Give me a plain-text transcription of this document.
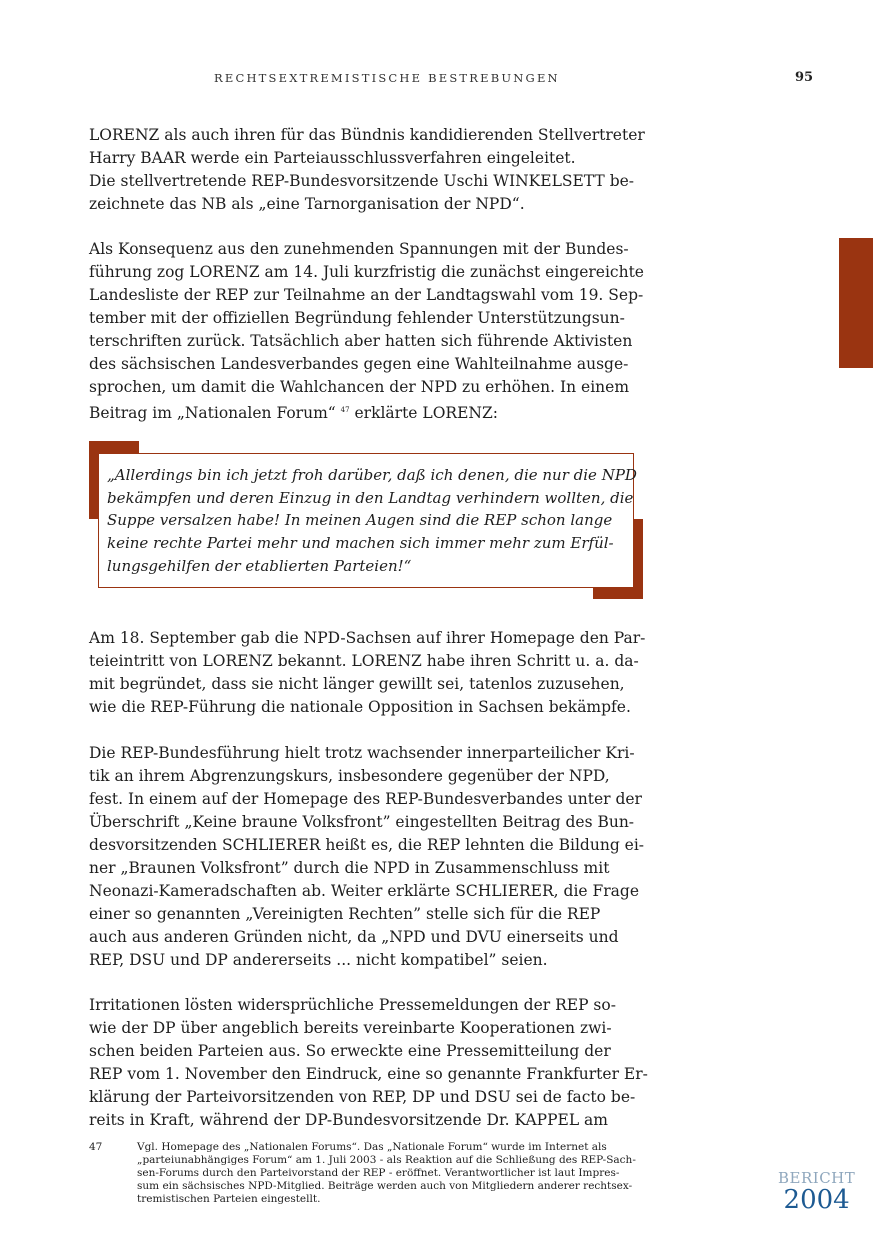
RECHTSEXTREMISTISCHE BESTREBUNGEN	95

LORENZ als auch ihren für das Bündnis kandidierenden Stellvertreter
Harry BAAR werde ein Parteiausschlussverfahren eingeleitet.
Die stellvertretende REP-Bundesvorsitzende Uschi WINKELSETT be-
zeichnete das NB als „eine Tarnorganisation der NPD“.

Als Konsequenz aus den zunehmenden Spannungen mit der Bundes-
führung zog LORENZ am 14. Juli kurzfristig die zunächst eingereichte
Landesliste der REP zur Teilnahme an der Landtagswahl vom 19. Sep-
tember mit der offiziellen Begründung fehlender Unterstützungsun-
terschriften zurück. Tatsächlich aber hatten sich führende Aktivisten
des sächsischen Landesverbandes gegen eine Wahlteilnahme ausge-
sprochen, um damit die Wahlchancen der NPD zu erhöhen. In einem
Beitrag im „Nationalen Forum“ $^{47}$ erklärte LORENZ:

„Allerdings bin ich jetzt froh darüber, daß ich denen, die nur die NPD
bekämpfen und deren Einzug in den Landtag verhindern wollten, die
Suppe versalzen habe! In meinen Augen sind die REP schon lange
keine rechte Partei mehr und machen sich immer mehr zum Erfül-
lungsgehilfen der etablierten Parteien!“

Am 18. September gab die NPD-Sachsen auf ihrer Homepage den Par-
teieintritt von LORENZ bekannt. LORENZ habe ihren Schritt u. a. da-
mit begründet, dass sie nicht länger gewillt sei, tatenlos zuzusehen,
wie die REP-Führung die nationale Opposition in Sachsen bekämpfe.

Die REP-Bundesführung hielt trotz wachsender innerparteilicher Kri-
tik an ihrem Abgrenzungskurs, insbesondere gegenüber der NPD,
fest. In einem auf der Homepage des REP-Bundesverbandes unter der
Überschrift „Keine braune Volksfront” eingestellten Beitrag des Bun-
desvorsitzenden SCHLIERER heißt es, die REP lehnten die Bildung ei-
ner „Braunen Volksfront” durch die NPD in Zusammenschluss mit
Neonazi-Kameradschaften ab. Weiter erklärte SCHLIERER, die Frage
einer so genannten „Vereinigten Rechten” stelle sich für die REP
auch aus anderen Gründen nicht, da „NPD und DVU einerseits und
REP, DSU und DP andererseits ... nicht kompatibel” seien.

Irritationen lösten widersprüchliche Pressemeldungen der REP so-
wie der DP über angeblich bereits vereinbarte Kooperationen zwi-
schen beiden Parteien aus. So erweckte eine Pressemitteilung der
REP vom 1. November den Eindruck, eine so genannte Frankfurter Er-
klärung der Parteivorsitzenden von REP, DP und DSU sei de facto be-
reits in Kraft, während der DP-Bundesvorsitzende Dr. KAPPEL am

47	Vgl. Homepage des „Nationalen Forums“. Das „Nationale Forum“ wurde im Internet als
„parteiunabhängiges Forum“ am 1. Juli 2003 - als Reaktion auf die Schließung des REP-Sach-
sen-Forums durch den Parteivorstand der REP - eröffnet. Verantwortlicher ist laut Impres-
sum ein sächsisches NPD-Mitglied. Beiträge werden auch von Mitgliedern anderer rechtsex-
tremistischen Parteien eingestellt.

BERICHT
2004
